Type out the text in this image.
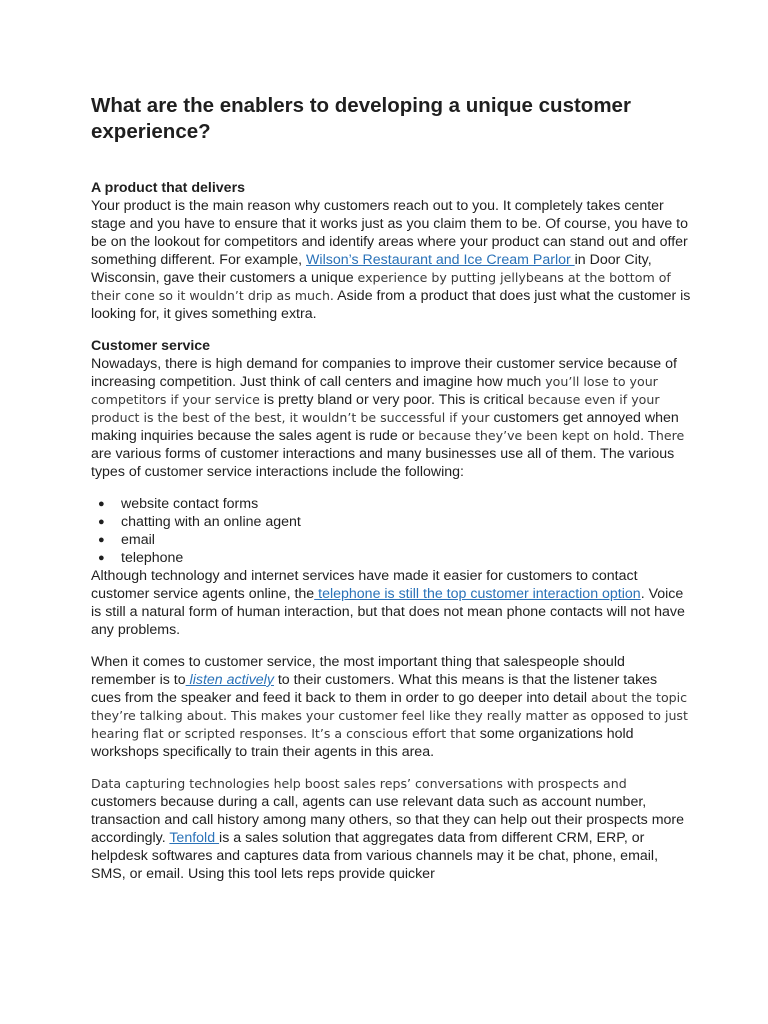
What are the enablers to developing a unique customer experience?
A product that delivers

Your product is the main reason why customers reach out to you. It completely takes center stage and you have to ensure that it works just as you claim them to be. Of course, you have to be on the lookout for competitors and identify areas where your product can stand out and offer something different. For example, Wilson’s Restaurant and Ice Cream Parlor in Door City, Wisconsin, gave their customers a unique experience by putting jellybeans at the bottom of their cone so it wouldn’t drip as much. Aside from a product that does just what the customer is looking for, it gives something extra.

Customer service

Nowadays, there is high demand for companies to improve their customer service because of increasing competition. Just think of call centers and imagine how much you’ll lose to your competitors if your service is pretty bland or very poor. This is critical because even if your product is the best of the best, it wouldn’t be successful if your customers get annoyed when making inquiries because the sales agent is rude or because they’ve been kept on hold. There are various forms of customer interactions and many businesses use all of them. The various types of customer service interactions include the following:

● website contact forms
● chatting with an online agent
● email
● telephone

Although technology and internet services have made it easier for customers to contact customer service agents online, the telephone is still the top customer interaction option. Voice is still a natural form of human interaction, but that does not mean phone contacts will not have any problems.

When it comes to customer service, the most important thing that salespeople should remember is to listen actively to their customers. What this means is that the listener takes cues from the speaker and feed it back to them in order to go deeper into detail about the topic they’re talking about. This makes your customer feel like they really matter as opposed to just hearing flat or scripted responses. It’s a conscious effort that some organizations hold workshops specifically to train their agents in this area.

Data capturing technologies help boost sales reps’ conversations with prospects and customers because during a call, agents can use relevant data such as account number, transaction and call history among many others, so that they can help out their prospects more accordingly. Tenfold is a sales solution that aggregates data from different CRM, ERP, or helpdesk softwares and captures data from various channels may it be chat, phone, email, SMS, or email. Using this tool lets reps provide quicker
